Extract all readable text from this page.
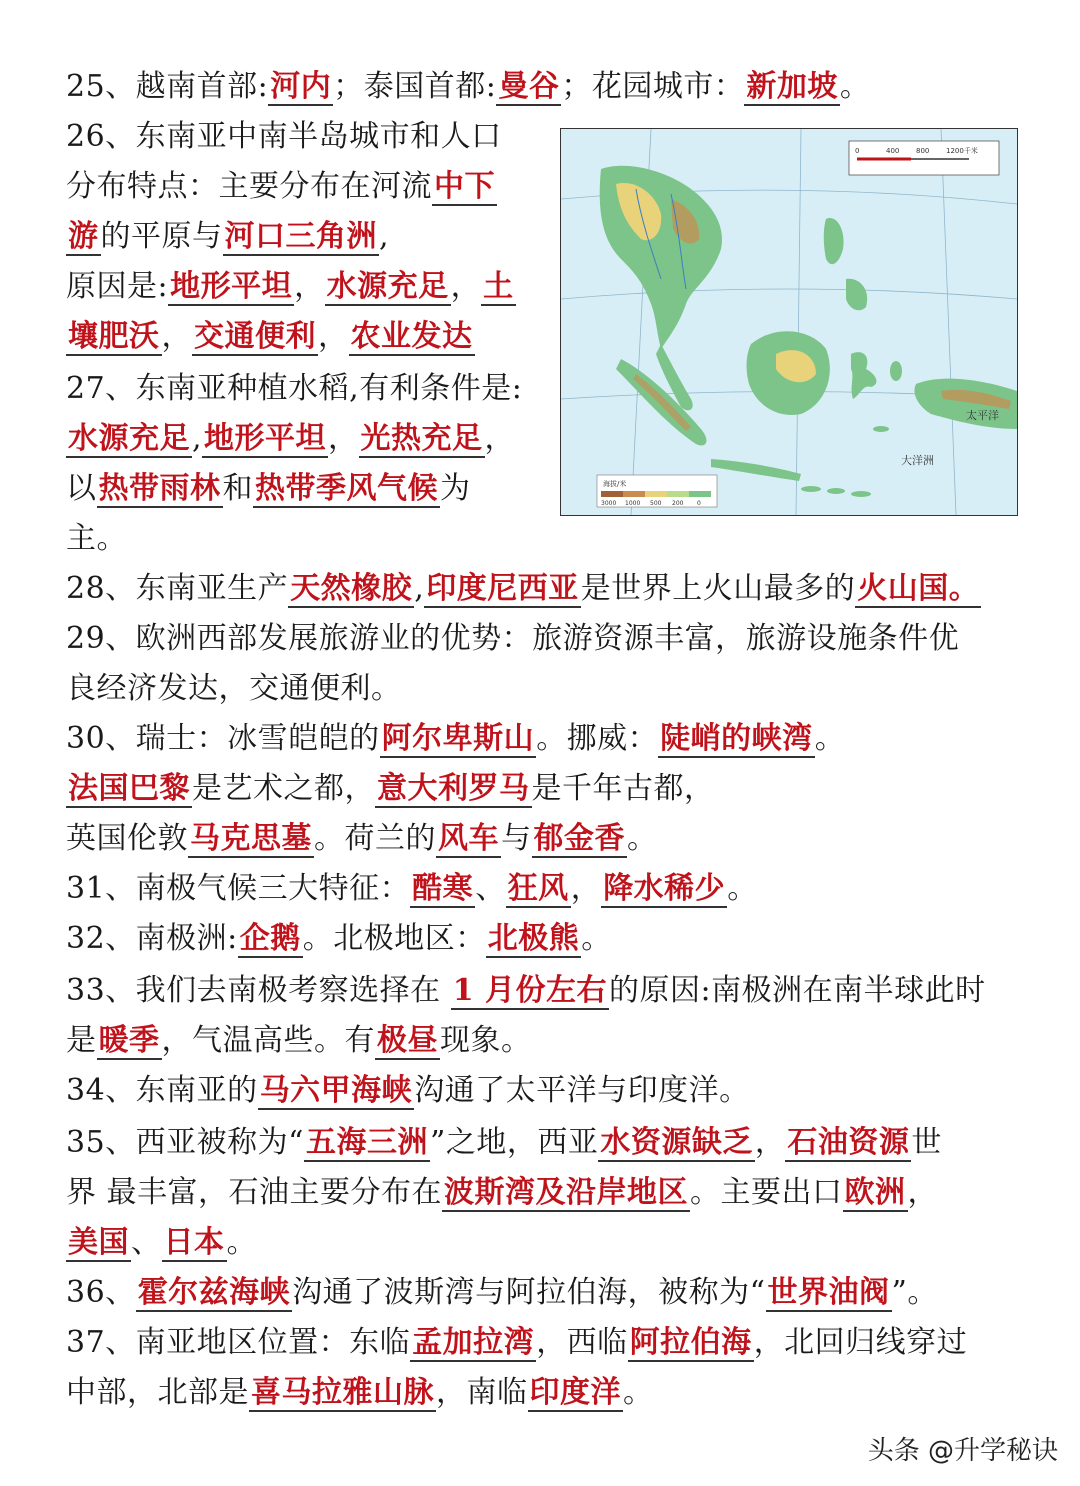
25、越南首部:河内；泰国首都:曼谷；花园城市：新加坡。
26、东南亚中南半岛城市和人口
分布特点：主要分布在河流中下
游的平原与河口三角洲,
原因是:地形平坦，水源充足，土
壤肥沃，交通便利，农业发达
27、东南亚种植水稻,有利条件是:
水源充足,地形平坦，光热充足，
以热带雨林和热带季风气候为
主。
28、东南亚生产天然橡胶,印度尼西亚是世界上火山最多的火山国。
29、欧洲西部发展旅游业的优势：旅游资源丰富，旅游设施条件优
良经济发达，交通便利。
30、瑞士：冰雪皑皑的阿尔卑斯山。挪威：陡峭的峡湾。
法国巴黎是艺术之都，意大利罗马是千年古都，
英国伦敦马克思墓。荷兰的风车与郁金香。
31、南极气候三大特征：酷寒、狂风，降水稀少。
32、南极洲:企鹅。北极地区：北极熊。
33、我们去南极考察选择在 1 月份左右的原因:南极洲在南半球此时
是暖季，气温高些。有极昼现象。
34、东南亚的马六甲海峡沟通了太平洋与印度洋。
35、西亚被称为“五海三洲”之地，西亚水资源缺乏，石油资源世
界 最丰富，石油主要分布在波斯湾及沿岸地区。主要出口欧洲，
美国、日本。
36、霍尔兹海峡沟通了波斯湾与阿拉伯海，被称为“世界油阀”。
37、南亚地区位置：东临孟加拉湾，西临阿拉伯海，北回归线穿过
中部，北部是喜马拉雅山脉，南临印度洋。
0	400 800 1200千米
太平洋
大洋洲
海拔/米
3000 1000 500 200 0
头条 @升学秘诀
